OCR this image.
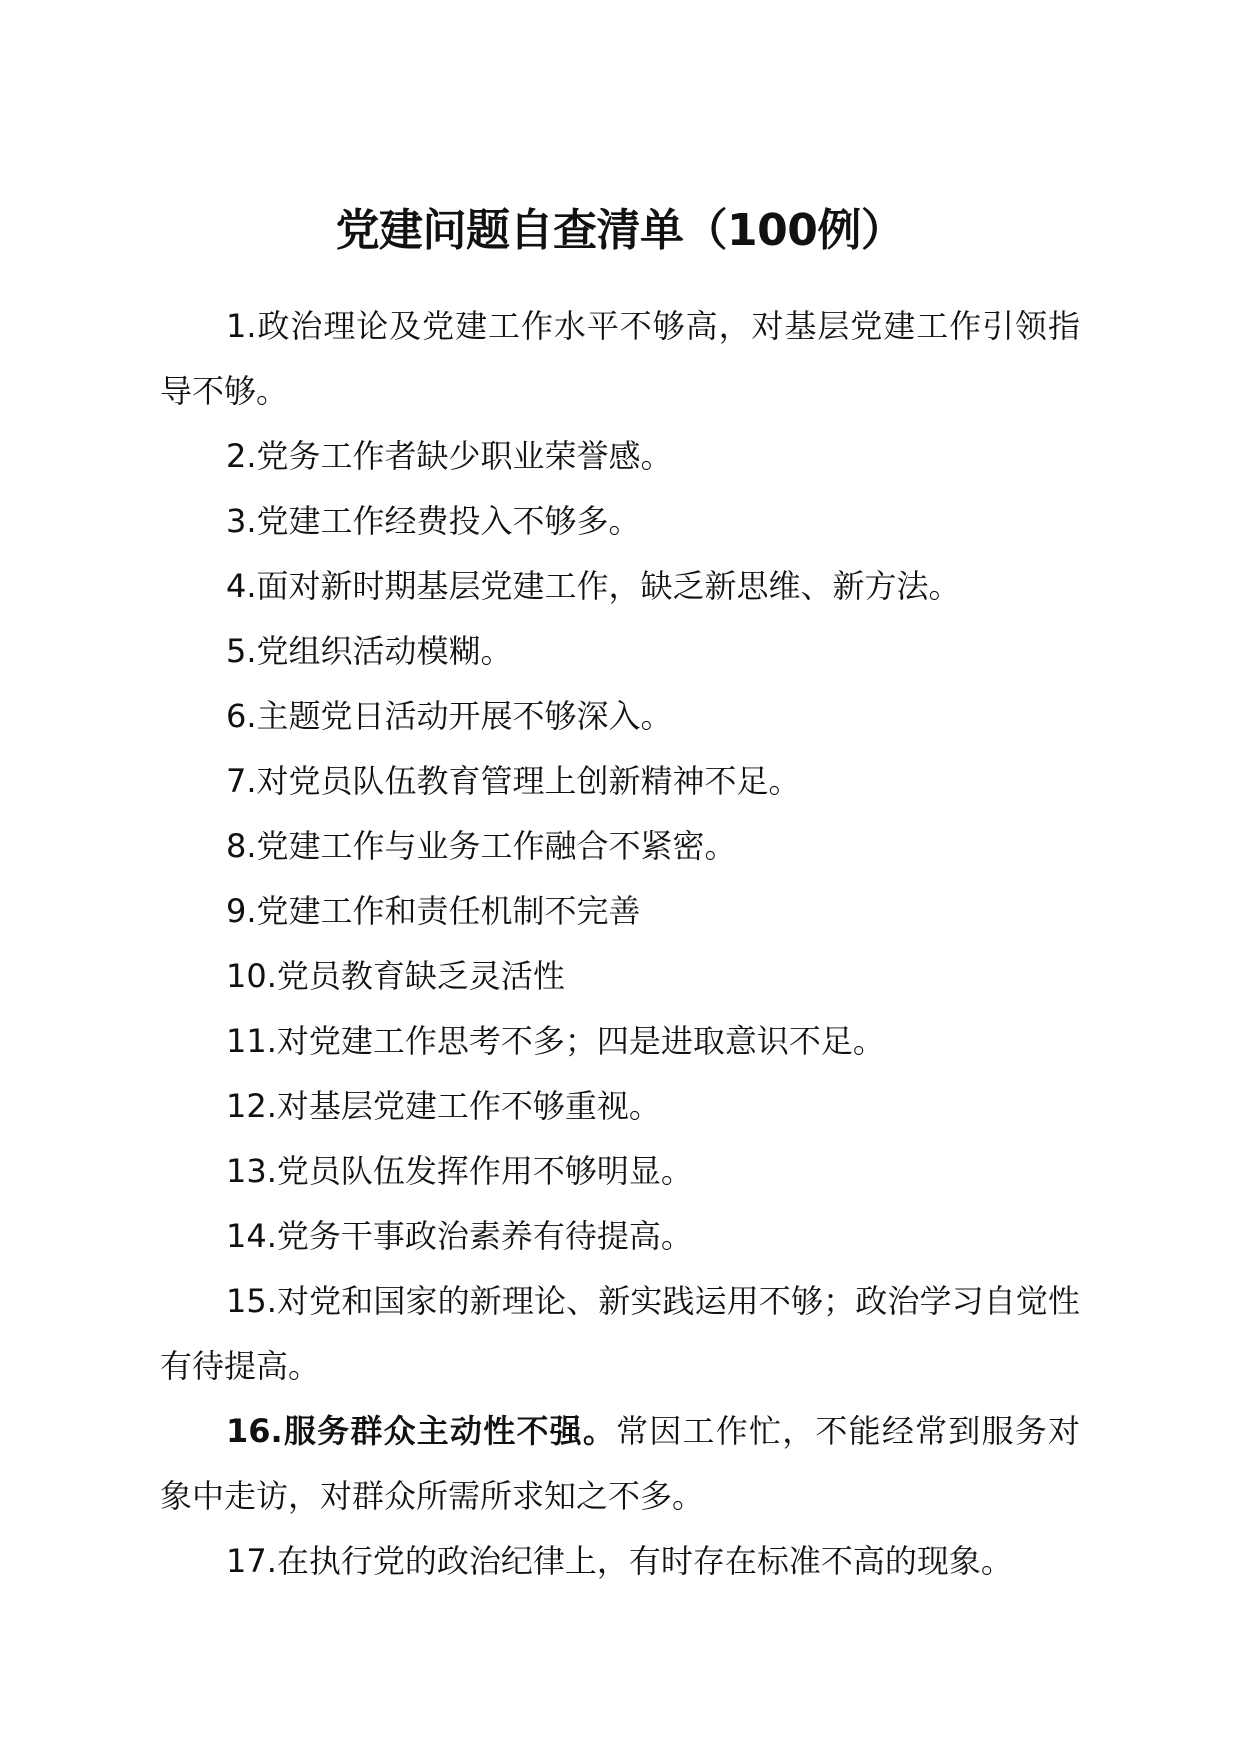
党建问题自查清单（100例）

1.政治理论及党建工作水平不够高，对基层党建工作引领指导不够。

2.党务工作者缺少职业荣誉感。

3.党建工作经费投入不够多。

4.面对新时期基层党建工作，缺乏新思维、新方法。

5.党组织活动模糊。

6.主题党日活动开展不够深入。

7.对党员队伍教育管理上创新精神不足。

8.党建工作与业务工作融合不紧密。

9.党建工作和责任机制不完善

10.党员教育缺乏灵活性

11.对党建工作思考不多；四是进取意识不足。

12.对基层党建工作不够重视。

13.党员队伍发挥作用不够明显。

14.党务干事政治素养有待提高。

15.对党和国家的新理论、新实践运用不够；政治学习自觉性有待提高。

16.服务群众主动性不强。常因工作忙，不能经常到服务对象中走访，对群众所需所求知之不多。

17.在执行党的政治纪律上，有时存在标准不高的现象。
